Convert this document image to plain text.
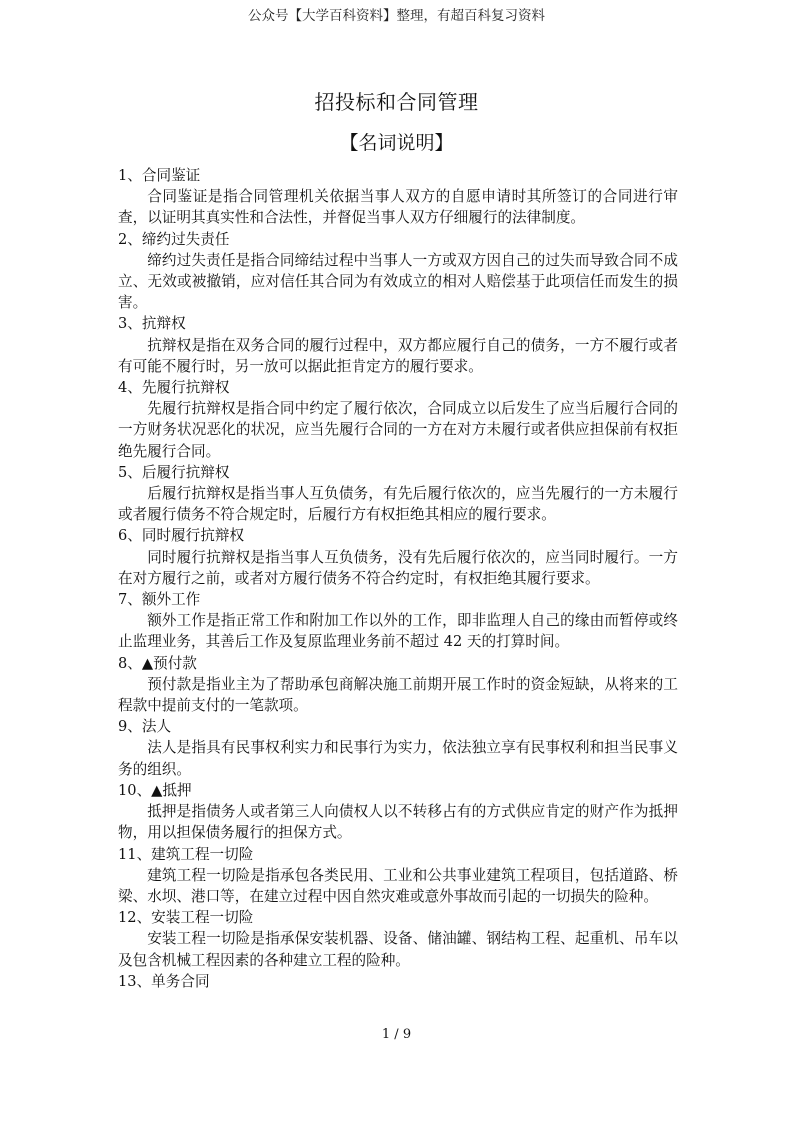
公众号【大学百科资料】整理，有超百科复习资料
招投标和合同管理
【名词说明】

1、合同鉴证

合同鉴证是指合同管理机关依据当事人双方的自愿申请时其所签订的合同进行审查，以证明其真实性和合法性，并督促当事人双方仔细履行的法律制度。

2、缔约过失责任

缔约过失责任是指合同缔结过程中当事人一方或双方因自己的过失而导致合同不成立、无效或被撤销，应对信任其合同为有效成立的相对人赔偿基于此项信任而发生的损害。

3、抗辩权

抗辩权是指在双务合同的履行过程中，双方都应履行自己的债务，一方不履行或者有可能不履行时，另一放可以据此拒肯定方的履行要求。

4、先履行抗辩权

先履行抗辩权是指合同中约定了履行依次，合同成立以后发生了应当后履行合同的一方财务状况恶化的状况，应当先履行合同的一方在对方未履行或者供应担保前有权拒绝先履行合同。

5、后履行抗辩权

后履行抗辩权是指当事人互负债务，有先后履行依次的，应当先履行的一方未履行或者履行债务不符合规定时，后履行方有权拒绝其相应的履行要求。

6、同时履行抗辩权

同时履行抗辩权是指当事人互负债务，没有先后履行依次的，应当同时履行。一方在对方履行之前，或者对方履行债务不符合约定时，有权拒绝其履行要求。

7、额外工作

额外工作是指正常工作和附加工作以外的工作，即非监理人自己的缘由而暂停或终止监理业务，其善后工作及复原监理业务前不超过 42 天的打算时间。

8、▲预付款

预付款是指业主为了帮助承包商解决施工前期开展工作时的资金短缺，从将来的工程款中提前支付的一笔款项。

9、法人

法人是指具有民事权利实力和民事行为实力，依法独立享有民事权利和担当民事义务的组织。

10、▲抵押

抵押是指债务人或者第三人向债权人以不转移占有的方式供应肯定的财产作为抵押物，用以担保债务履行的担保方式。

11、建筑工程一切险

建筑工程一切险是指承包各类民用、工业和公共事业建筑工程项目，包括道路、桥梁、水坝、港口等，在建立过程中因自然灾难或意外事故而引起的一切损失的险种。

12、安装工程一切险

安装工程一切险是指承保安装机器、设备、储油罐、钢结构工程、起重机、吊车以及包含机械工程因素的各种建立工程的险种。

13、单务合同

1 / 9
